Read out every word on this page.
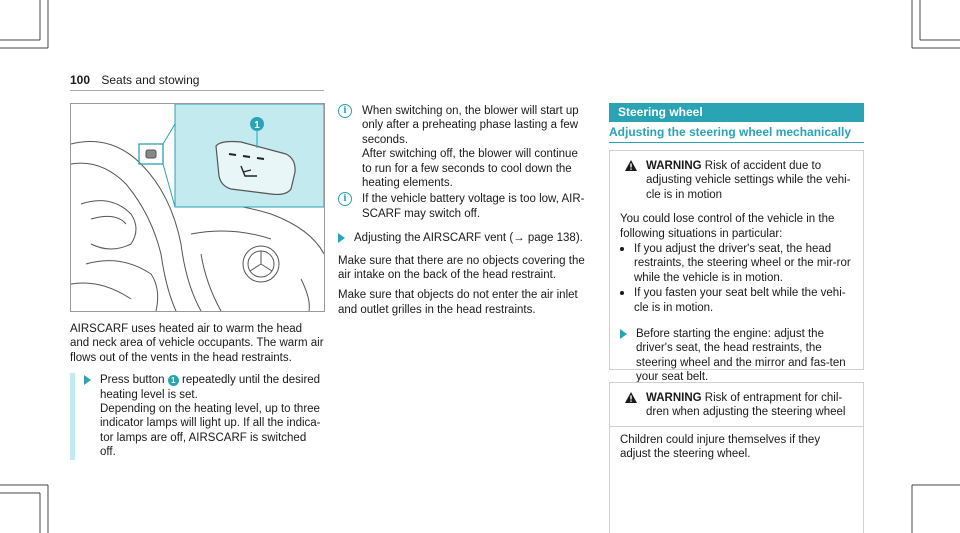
100 Seats and stowing
1

AIRSCARF uses heated air to warm the head and neck area of vehicle occupants. The warm air flows out of the vents in the head restraints.

Press button 1 repeatedly until the desired heating level is set.

Depending on the heating level, up to three indicator lamps will light up. If all the indica-tor lamps are off, AIRSCARF is switched off.

i	When switching on, the blower will start up only after a preheating phase lasting a few seconds.

After switching off, the blower will continue to run for a few seconds to cool down the heating elements.

i	If the vehicle battery voltage is too low, AIR-SCARF may switch off.

Adjusting the AIRSCARF vent (→ page 138).

Make sure that there are no objects covering the air intake on the back of the head restraint.

Make sure that objects do not enter the air inlet and outlet grilles in the head restraints.

Steering wheel
Adjusting the steering wheel mechanically

WARNING Risk of accident due to adjusting vehicle settings while the vehi-cle is in motion

You could lose control of the vehicle in the following situations in particular:

If you adjust the driver's seat, the head restraints, the steering wheel or the mir-ror while the vehicle is in motion.

If you fasten your seat belt while the vehi-cle is in motion.

Before starting the engine: adjust the driver's seat, the head restraints, the steering wheel and the mirror and fas-ten your seat belt.

WARNING Risk of entrapment for chil-dren when adjusting the steering wheel

Children could injure themselves if they adjust the steering wheel.
